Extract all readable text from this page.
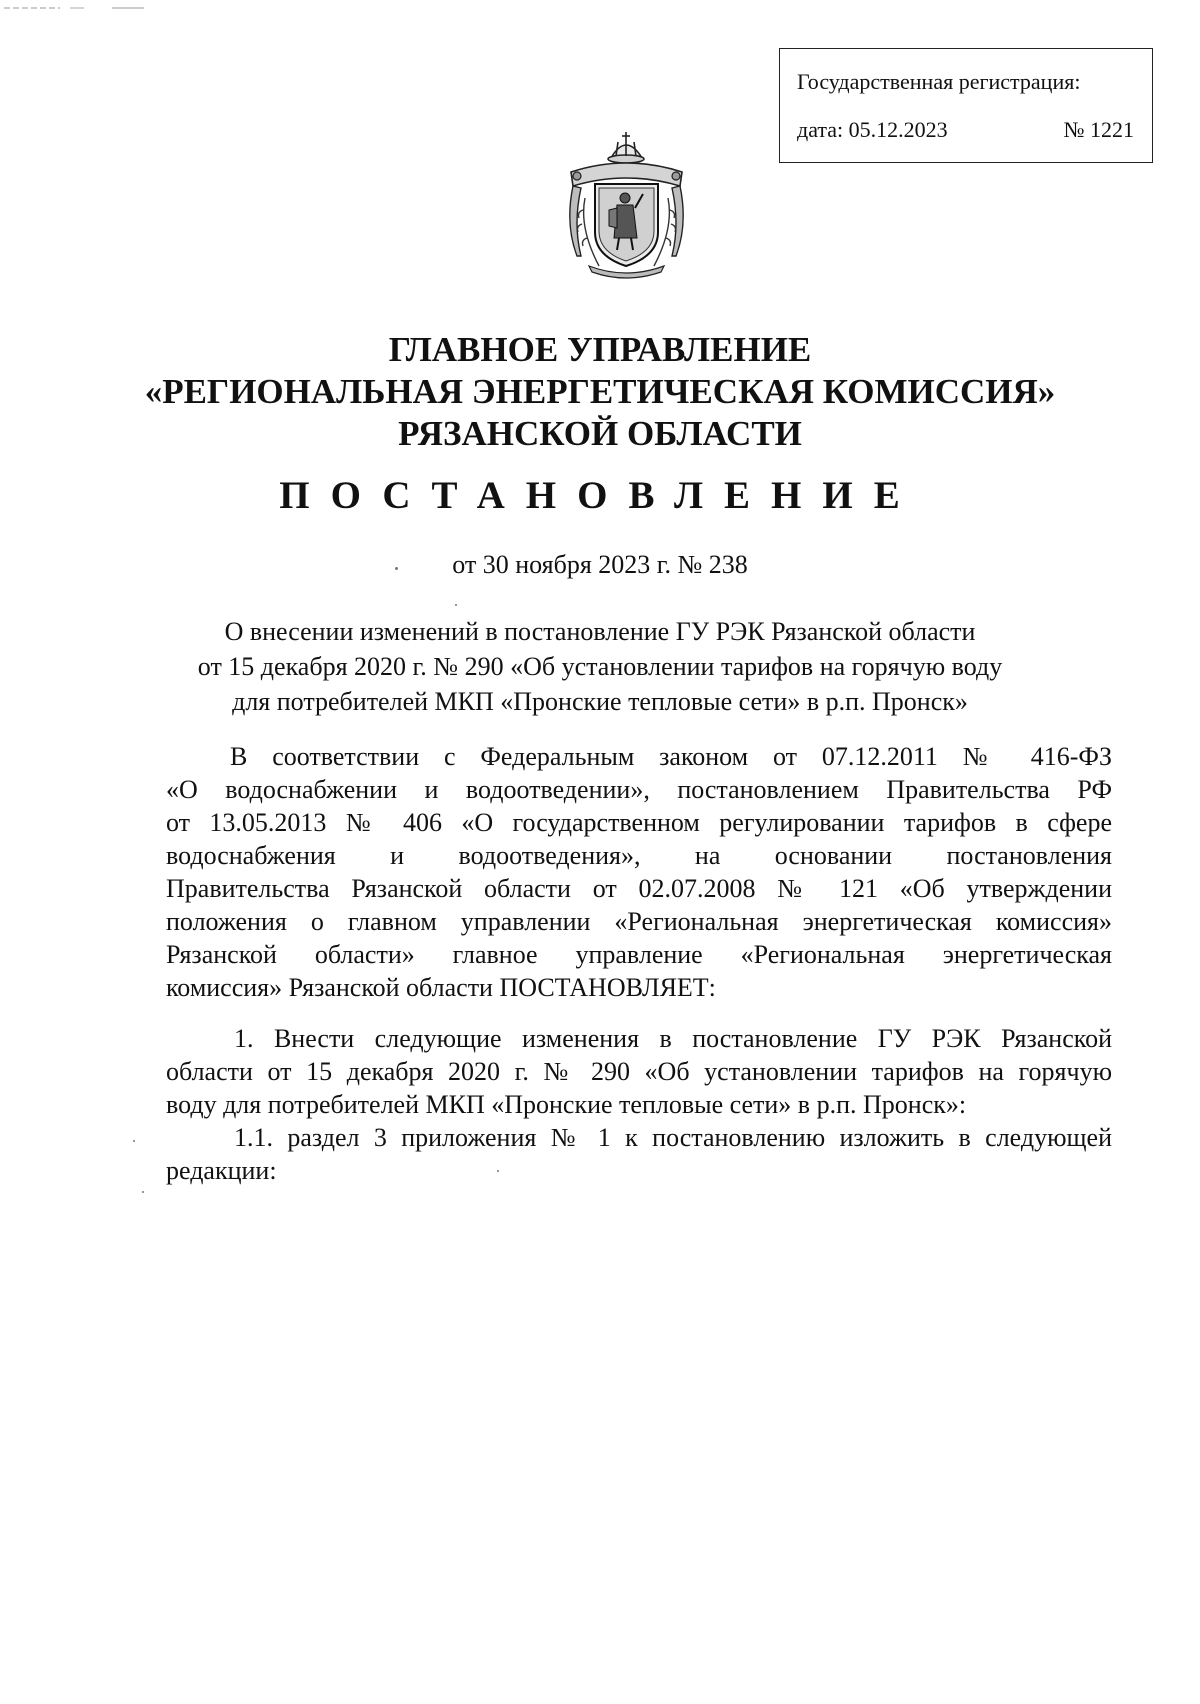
Государственная регистрация:
дата: 05.12.2023	№ 1221
ГЛАВНОЕ УПРАВЛЕНИЕ
«РЕГИОНАЛЬНАЯ ЭНЕРГЕТИЧЕСКАЯ КОМИССИЯ»
РЯЗАНСКОЙ ОБЛАСТИ
ПОСТАНОВЛЕНИЕ
от 30 ноября 2023 г. № 238
О внесении изменений в постановление ГУ РЭК Рязанской области
от 15 декабря 2020 г. № 290 «Об установлении тарифов на горячую воду
для потребителей МКП «Пронские тепловые сети» в р.п. Пронск»
В соответствии с Федеральным законом от 07.12.2011 № 416-ФЗ
«О водоснабжении и водоотведении», постановлением Правительства РФ
от 13.05.2013 № 406 «О государственном регулировании тарифов в сфере
водоснабжения и водоотведения», на основании постановления
Правительства Рязанской области от 02.07.2008 № 121 «Об утверждении
положения о главном управлении «Региональная энергетическая комиссия»
Рязанской области» главное управление «Региональная энергетическая
комиссия» Рязанской области ПОСТАНОВЛЯЕТ:
1. Внести следующие изменения в постановление ГУ РЭК Рязанской
области от 15 декабря 2020 г. № 290 «Об установлении тарифов на горячую
воду для потребителей МКП «Пронские тепловые сети» в р.п. Пронск»:
1.1. раздел 3 приложения № 1 к постановлению изложить в следующей
редакции:
